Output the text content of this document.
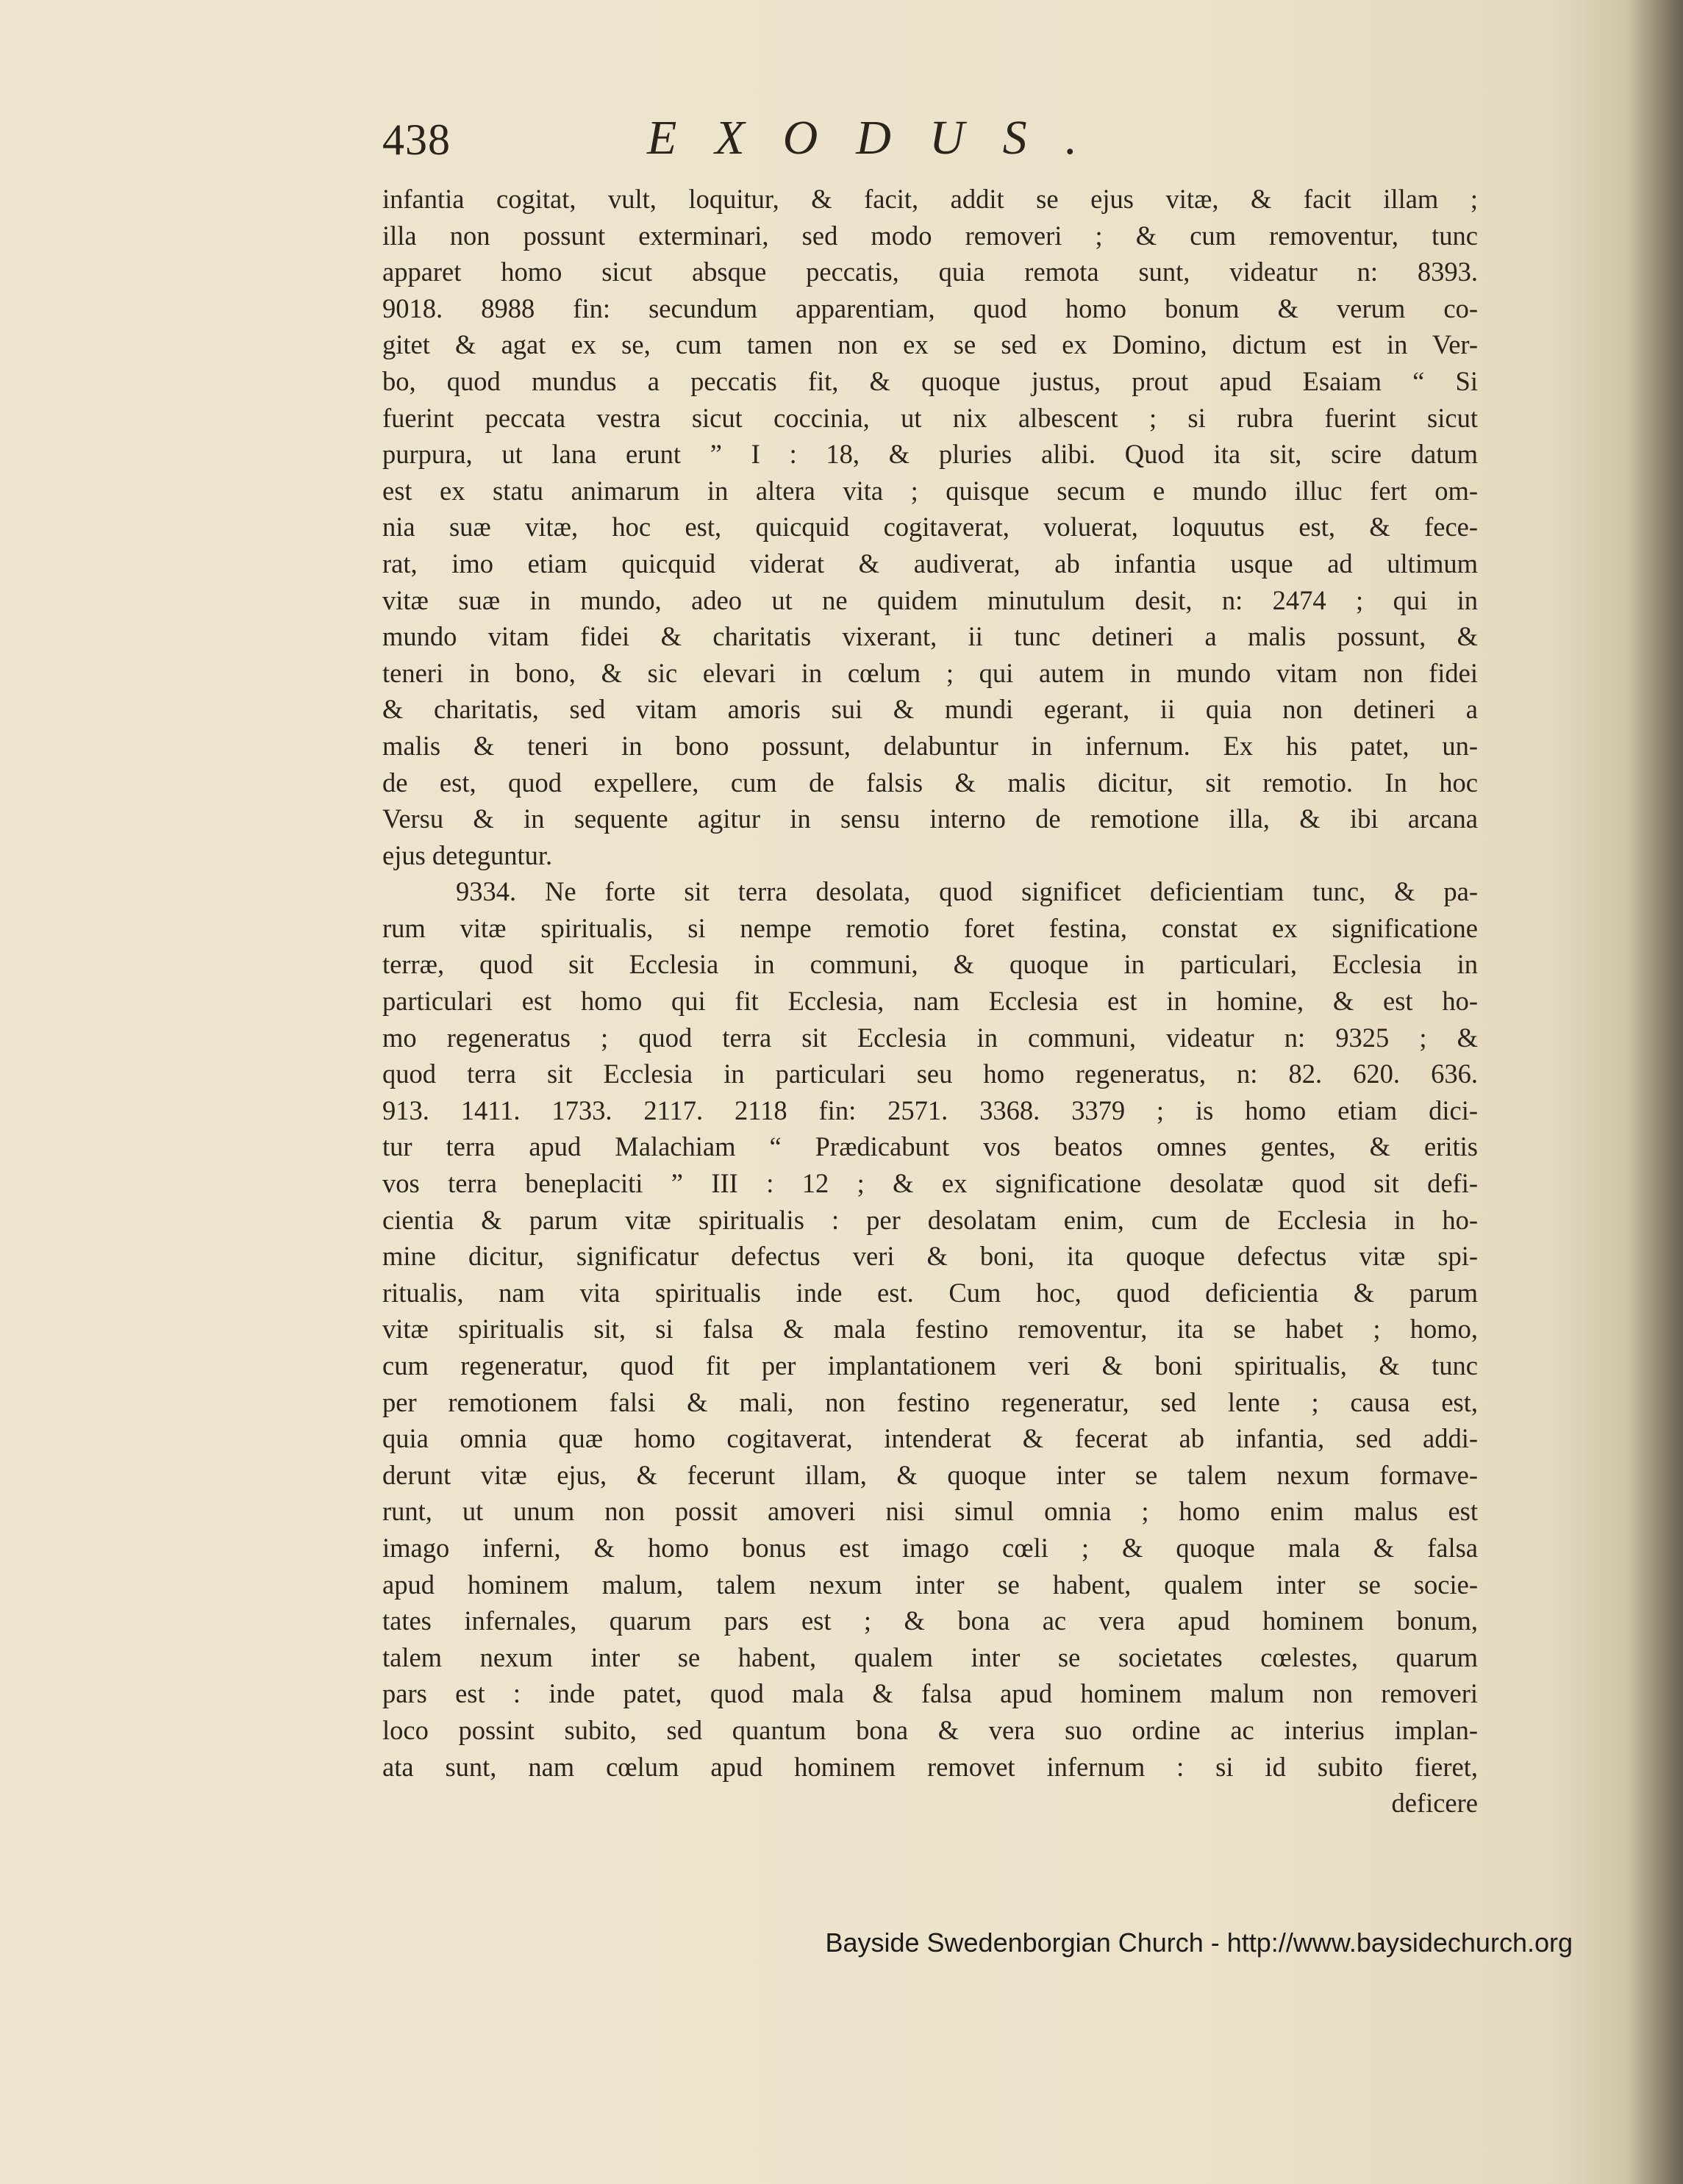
438	EXODUS.
infantia cogitat, vult, loquitur, & facit, addit se ejus vitæ, & facit illam ;
illa non possunt exterminari, sed modo removeri ; & cum removentur, tunc
apparet homo sicut absque peccatis, quia remota sunt, videatur n: 8393.
9018. 8988 fin: secundum apparentiam, quod homo bonum & verum co-
gitet & agat ex se, cum tamen non ex se sed ex Domino, dictum est in Ver-
bo, quod mundus a peccatis fit, & quoque justus, prout apud Esaiam “ Si
fuerint peccata vestra sicut coccinia, ut nix albescent ; si rubra fuerint sicut
purpura, ut lana erunt ” I : 18, & pluries alibi. Quod ita sit, scire datum
est ex statu animarum in altera vita ; quisque secum e mundo illuc fert om-
nia suæ vitæ, hoc est, quicquid cogitaverat, voluerat, loquutus est, & fece-
rat, imo etiam quicquid viderat & audiverat, ab infantia usque ad ultimum
vitæ suæ in mundo, adeo ut ne quidem minutulum desit, n: 2474 ; qui in
mundo vitam fidei & charitatis vixerant, ii tunc detineri a malis possunt, &
teneri in bono, & sic elevari in cœlum ; qui autem in mundo vitam non fidei
& charitatis, sed vitam amoris sui & mundi egerant, ii quia non detineri a
malis & teneri in bono possunt, delabuntur in infernum. Ex his patet, un-
de est, quod expellere, cum de falsis & malis dicitur, sit remotio. In hoc
Versu & in sequente agitur in sensu interno de remotione illa, & ibi arcana
ejus deteguntur.
9334. Ne forte sit terra desolata, quod significet deficientiam tunc, & pa-
rum vitæ spiritualis, si nempe remotio foret festina, constat ex significatione
terræ, quod sit Ecclesia in communi, & quoque in particulari, Ecclesia in
particulari est homo qui fit Ecclesia, nam Ecclesia est in homine, & est ho-
mo regeneratus ; quod terra sit Ecclesia in communi, videatur n: 9325 ; &
quod terra sit Ecclesia in particulari seu homo regeneratus, n: 82. 620. 636.
913. 1411. 1733. 2117. 2118 fin: 2571. 3368. 3379 ; is homo etiam dici-
tur terra apud Malachiam “ Prædicabunt vos beatos omnes gentes, & eritis
vos terra beneplaciti ” III : 12 ; & ex significatione desolatæ quod sit defi-
cientia & parum vitæ spiritualis : per desolatam enim, cum de Ecclesia in ho-
mine dicitur, significatur defectus veri & boni, ita quoque defectus vitæ spi-
ritualis, nam vita spiritualis inde est. Cum hoc, quod deficientia & parum
vitæ spiritualis sit, si falsa & mala festino removentur, ita se habet ; homo,
cum regeneratur, quod fit per implantationem veri & boni spiritualis, & tunc
per remotionem falsi & mali, non festino regeneratur, sed lente ; causa est,
quia omnia quæ homo cogitaverat, intenderat & fecerat ab infantia, sed addi-
derunt vitæ ejus, & fecerunt illam, & quoque inter se talem nexum formave-
runt, ut unum non possit amoveri nisi simul omnia ; homo enim malus est
imago inferni, & homo bonus est imago cœli ; & quoque mala & falsa
apud hominem malum, talem nexum inter se habent, qualem inter se socie-
tates infernales, quarum pars est ; & bona ac vera apud hominem bonum,
talem nexum inter se habent, qualem inter se societates cœlestes, quarum
pars est : inde patet, quod mala & falsa apud hominem malum non removeri
loco possint subito, sed quantum bona & vera suo ordine ac interius implan-
ata sunt, nam cœlum apud hominem removet infernum : si id subito fieret,
deficere
Bayside Swedenborgian Church - http://www.baysidechurch.org
